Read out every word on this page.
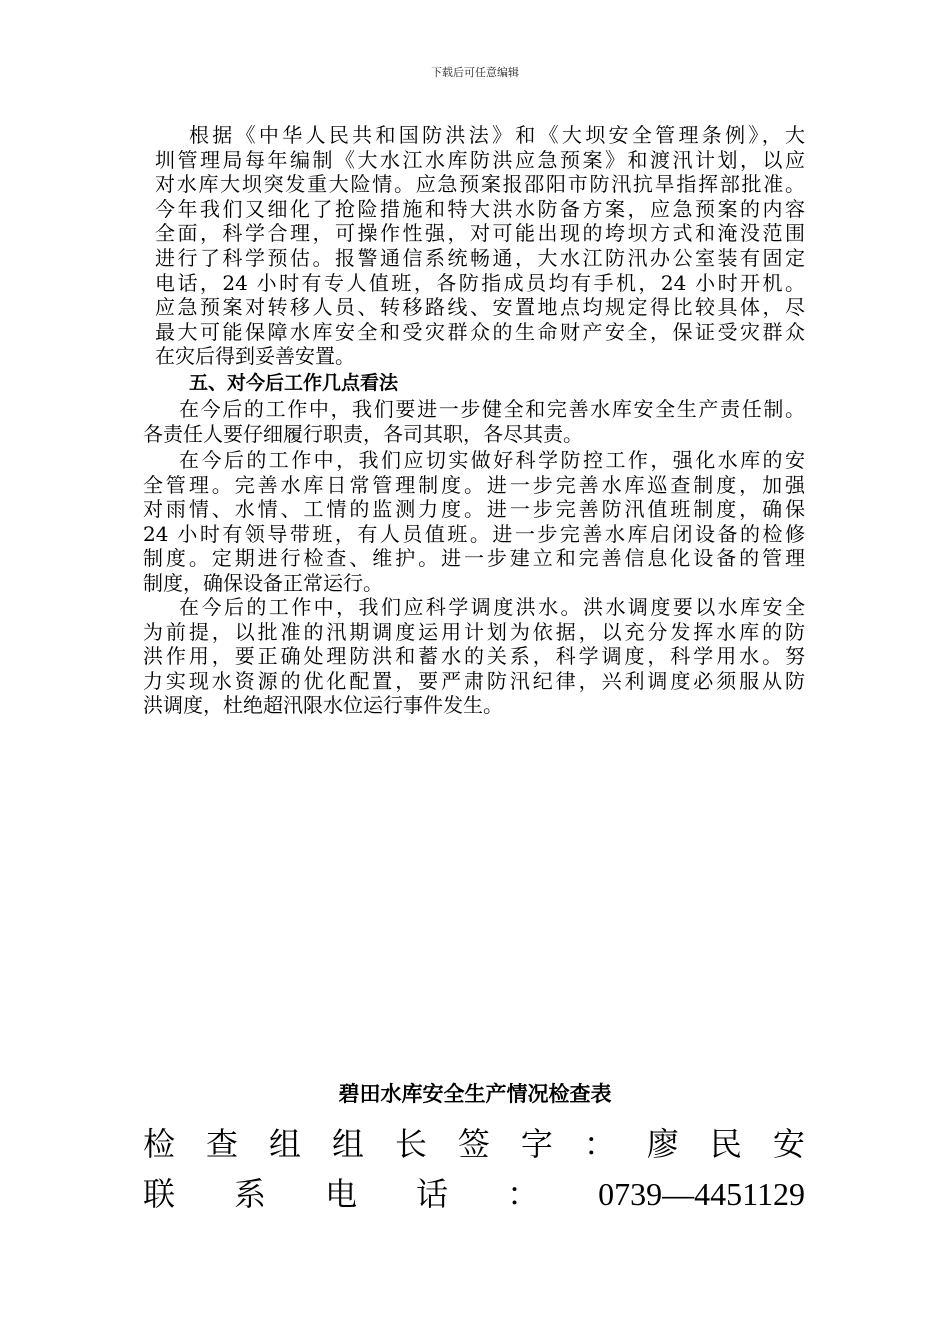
下载后可任意编辑
根据《中华人民共和国防洪法》和《大坝安全管理条例》，大
圳管理局每年编制《大水江水库防洪应急预案》和渡汛计划，以应
对水库大坝突发重大险情。应急预案报邵阳市防汛抗旱指挥部批准。
今年我们又细化了抢险措施和特大洪水防备方案，应急预案的内容
全面，科学合理，可操作性强，对可能出现的垮坝方式和淹没范围
进行了科学预估。报警通信系统畅通，大水江防汛办公室装有固定
电话，24 小时有专人值班，各防指成员均有手机，24 小时开机。
应急预案对转移人员、转移路线、安置地点均规定得比较具体，尽
最大可能保障水库安全和受灾群众的生命财产安全，保证受灾群众
在灾后得到妥善安置。
五、对今后工作几点看法
在今后的工作中，我们要进一步健全和完善水库安全生产责任制。
各责任人要仔细履行职责，各司其职，各尽其责。
在今后的工作中，我们应切实做好科学防控工作，强化水库的安
全管理。完善水库日常管理制度。进一步完善水库巡查制度，加强
对雨情、水情、工情的监测力度。进一步完善防汛值班制度，确保
24 小时有领导带班，有人员值班。进一步完善水库启闭设备的检修
制度。定期进行检查、维护。进一步建立和完善信息化设备的管理
制度，确保设备正常运行。
在今后的工作中，我们应科学调度洪水。洪水调度要以水库安全
为前提，以批准的汛期调度运用计划为依据，以充分发挥水库的防
洪作用，要正确处理防洪和蓄水的关系，科学调度，科学用水。努
力实现水资源的优化配置，要严肃防汛纪律，兴利调度必须服从防
洪调度，杜绝超汛限水位运行事件发生。
碧田水库安全生产情况检查表
检 查 组 组 长 签 字 ： 廖 民 安
联 系 电 话 ： 0739—4451129
